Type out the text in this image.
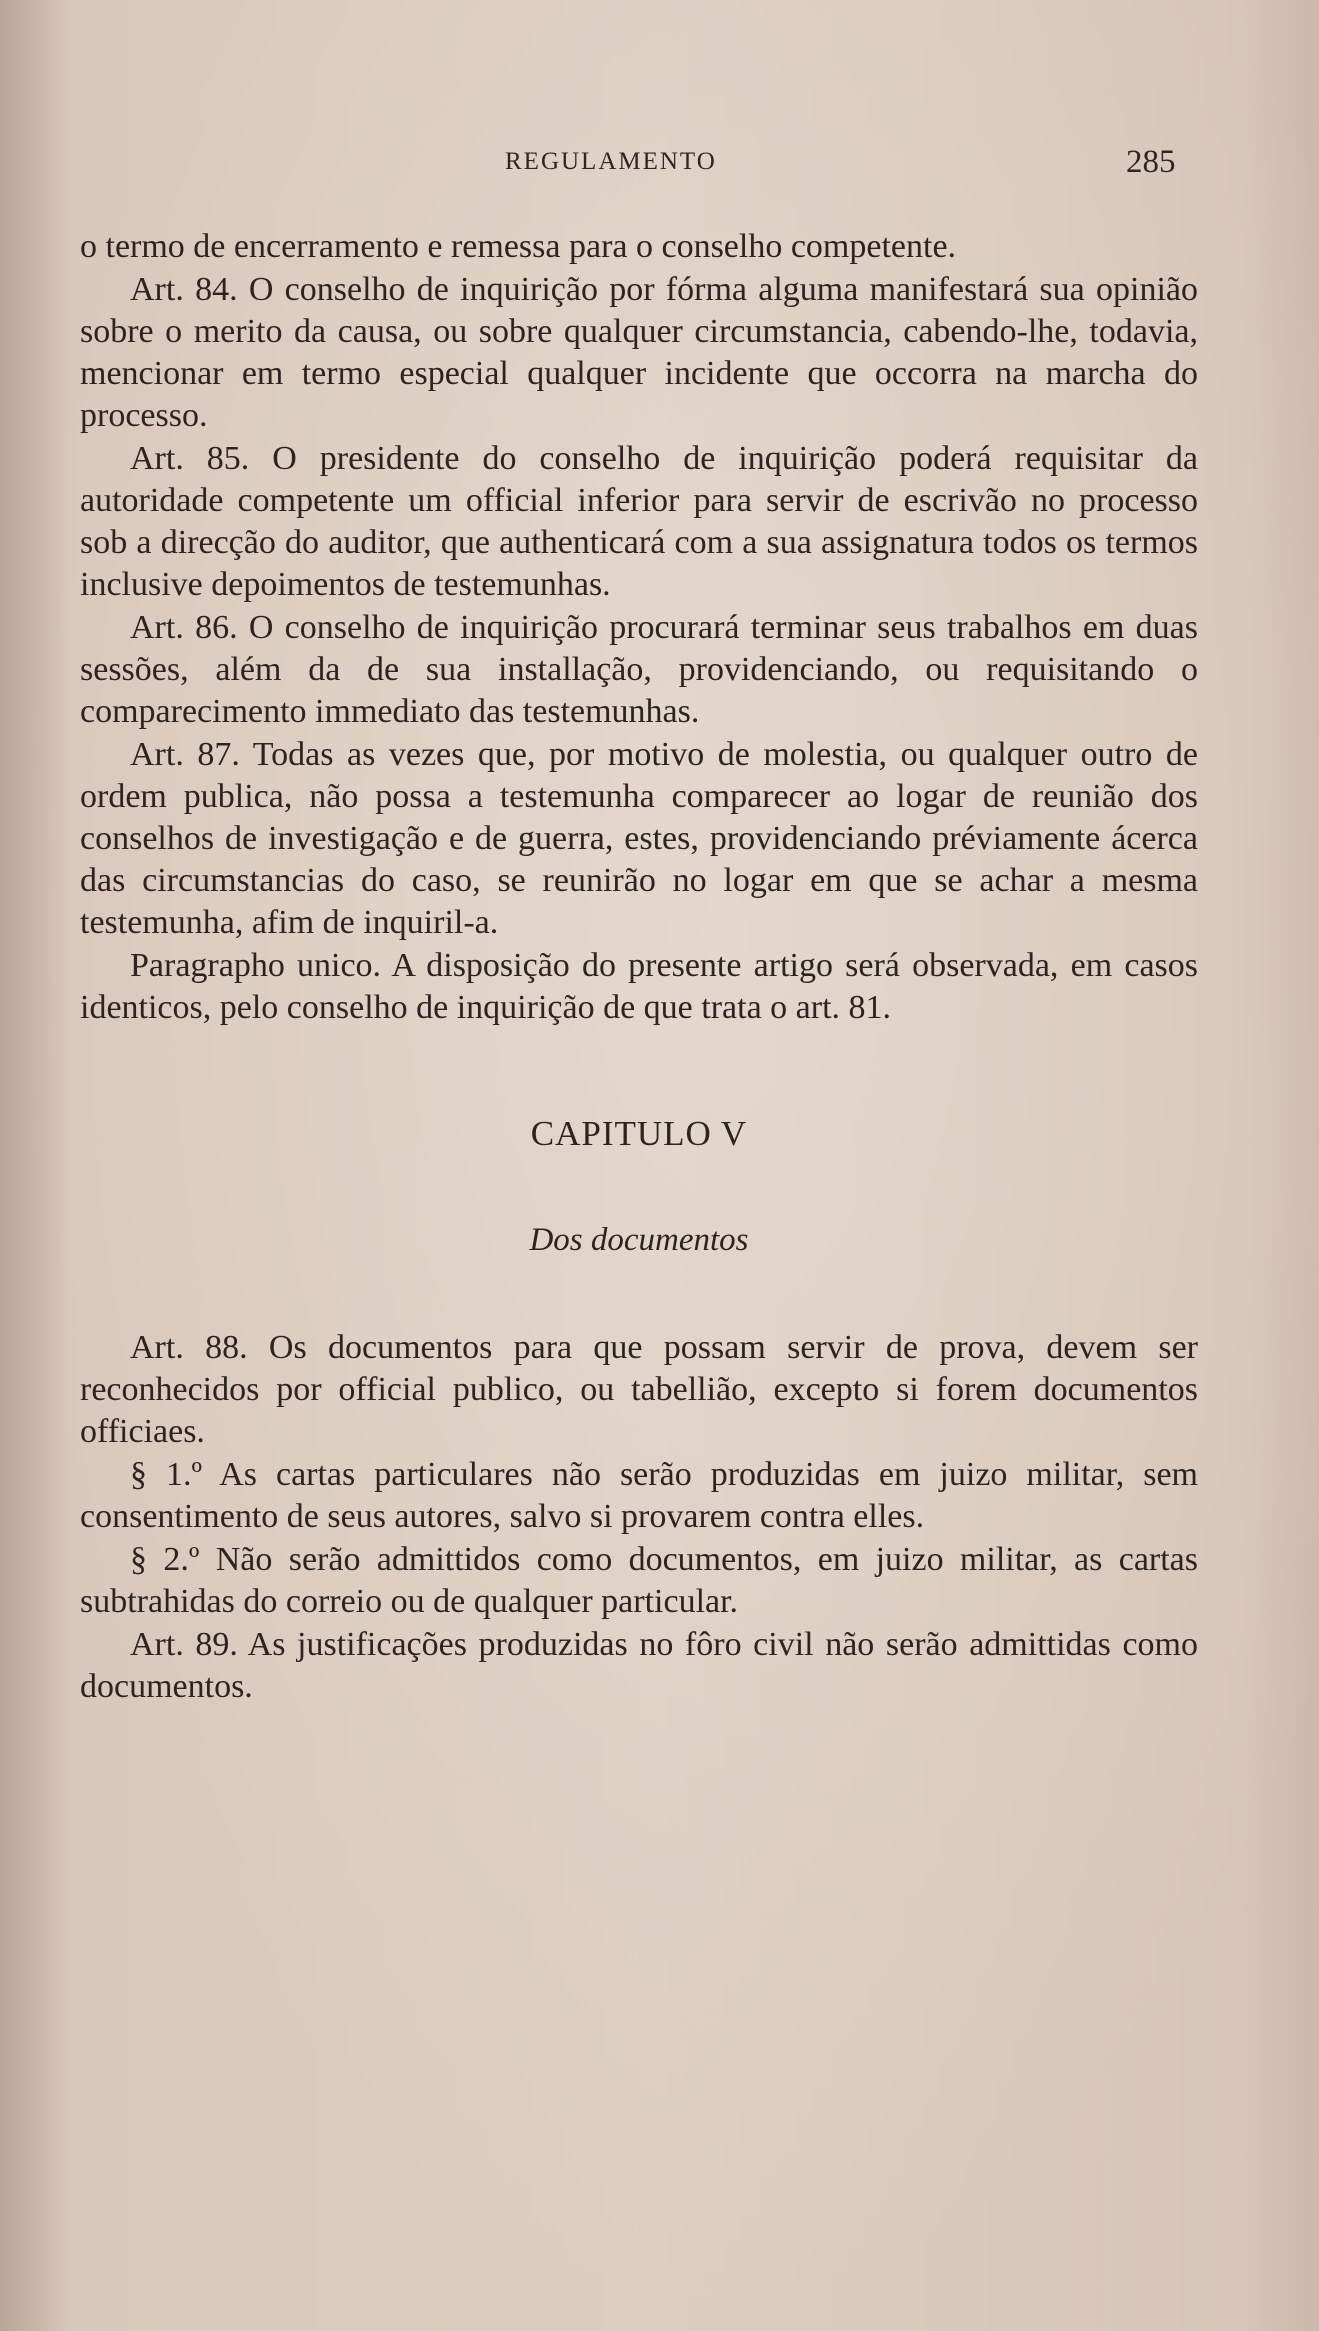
REGULAMENTO	285

o termo de encerramento e remessa para o conselho competente.

Art. 84. O conselho de inquirição por fórma alguma manifestará sua opinião sobre o merito da causa, ou sobre qualquer circumstancia, cabendo-lhe, todavia, mencionar em termo especial qualquer incidente que occorra na marcha do processo.

Art. 85. O presidente do conselho de inquirição poderá requisitar da autoridade competente um official inferior para servir de escrivão no processo sob a direcção do auditor, que authenticará com a sua assignatura todos os termos inclusive depoimentos de testemunhas.

Art. 86. O conselho de inquirição procurará terminar seus trabalhos em duas sessões, além da de sua installação, providenciando, ou requisitando o comparecimento immediato das testemunhas.

Art. 87. Todas as vezes que, por motivo de molestia, ou qualquer outro de ordem publica, não possa a testemunha comparecer ao logar de reunião dos conselhos de investigação e de guerra, estes, providenciando préviamente ácerca das circumstancias do caso, se reunirão no logar em que se achar a mesma testemunha, afim de inquiril-a.

Paragrapho unico. A disposição do presente artigo será observada, em casos identicos, pelo conselho de inquirição de que trata o art. 81.

CAPITULO V

Dos documentos

Art. 88. Os documentos para que possam servir de prova, devem ser reconhecidos por official publico, ou tabellião, excepto si forem documentos officiaes.

§ 1.º As cartas particulares não serão produzidas em juizo militar, sem consentimento de seus autores, salvo si provarem contra elles.

§ 2.º Não serão admittidos como documentos, em juizo militar, as cartas subtrahidas do correio ou de qualquer particular.

Art. 89. As justificações produzidas no fôro civil não serão admittidas como documentos.
